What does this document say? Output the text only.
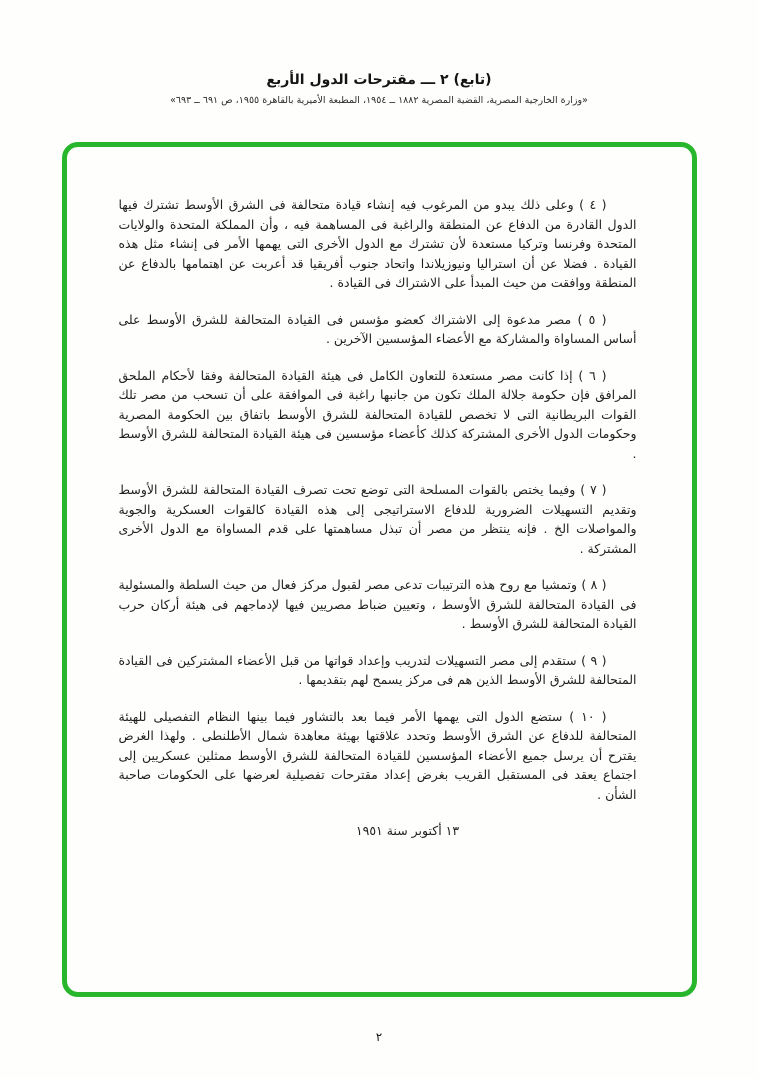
(تابع) ٢ ـــ مقترحات الدول الأربع
«وزارة الخارجية المصرية، القضية المصرية ١٨٨٢ ــ ١٩٥٤، المطبعة الأميرية بالقاهرة ١٩٥٥، ص ٦٩١ ــ ٦٩٣»

( ٤ ) وعلى ذلك يبدو من المرغوب فيه إنشاء قيادة متحالفة فى الشرق الأوسط تشترك فيها الدول القادرة من الدفاع عن المنطقة والراغبة فى المساهمة فيه ، وأن المملكة المتحدة والولايات المتحدة وفرنسا وتركيا مستعدة لأن تشترك مع الدول الأخرى التى يهمها الأمر فى إنشاء مثل هذه القيادة . فضلا عن أن استراليا ونيوزيلاندا واتحاد جنوب أفريقيا قد أعربت عن اهتمامها بالدفاع عن المنطقة ووافقت من حيث المبدأ على الاشتراك فى القيادة .

( ٥ ) مصر مدعوة إلى الاشتراك كعضو مؤسس فى القيادة المتحالفة للشرق الأوسط على أساس المساواة والمشاركة مع الأعضاء المؤسسين الآخرين .

( ٦ ) إذا كانت مصر مستعدة للتعاون الكامل فى هيئة القيادة المتحالفة وفقا لأحكام الملحق المرافق فإن حكومة جلالة الملك تكون من جانبها راغبة فى الموافقة على أن تسحب من مصر تلك القوات البريطانية التى لا تخصص للقيادة المتحالفة للشرق الأوسط باتفاق بين الحكومة المصرية وحكومات الدول الأخرى المشتركة كذلك كأعضاء مؤسسين فى هيئة القيادة المتحالفة للشرق الأوسط .

( ٧ ) وفيما يختص بالقوات المسلحة التى توضع تحت تصرف القيادة المتحالفة للشرق الأوسط وتقديم التسهيلات الضرورية للدفاع الاستراتيجى إلى هذه القيادة كالقوات العسكرية والجوية والمواصلات الخ . فإنه ينتظر من مصر أن تبذل مساهمتها على قدم المساواة مع الدول الأخرى المشتركة .

( ٨ ) وتمشيا مع روح هذه الترتيبات تدعى مصر لقبول مركز فعال من حيث السلطة والمسئولية فى القيادة المتحالفة للشرق الأوسط ، وتعيين ضباط مصريين فيها لإدماجهم فى هيئة أركان حرب القيادة المتحالفة للشرق الأوسط .

( ٩ ) ستقدم إلى مصر التسهيلات لتدريب وإعداد قواتها من قبل الأعضاء المشتركين فى القيادة المتحالفة للشرق الأوسط الذين هم فى مركز يسمح لهم بتقديمها .

( ١٠ ) ستضع الدول التى يهمها الأمر فيما بعد بالتشاور فيما بينها النظام التفصيلى للهيئة المتحالفة للدفاع عن الشرق الأوسط وتحدد علاقتها بهيئة معاهدة شمال الأطلنطى . ولهذا الغرض يقترح أن يرسل جميع الأعضاء المؤسسين للقيادة المتحالفة للشرق الأوسط ممثلين عسكريين إلى اجتماع يعقد فى المستقبل القريب بغرض إعداد مقترحات تفصيلية لعرضها على الحكومات صاحبة الشأن .

١٣ أكتوبر سنة ١٩٥١
٢
